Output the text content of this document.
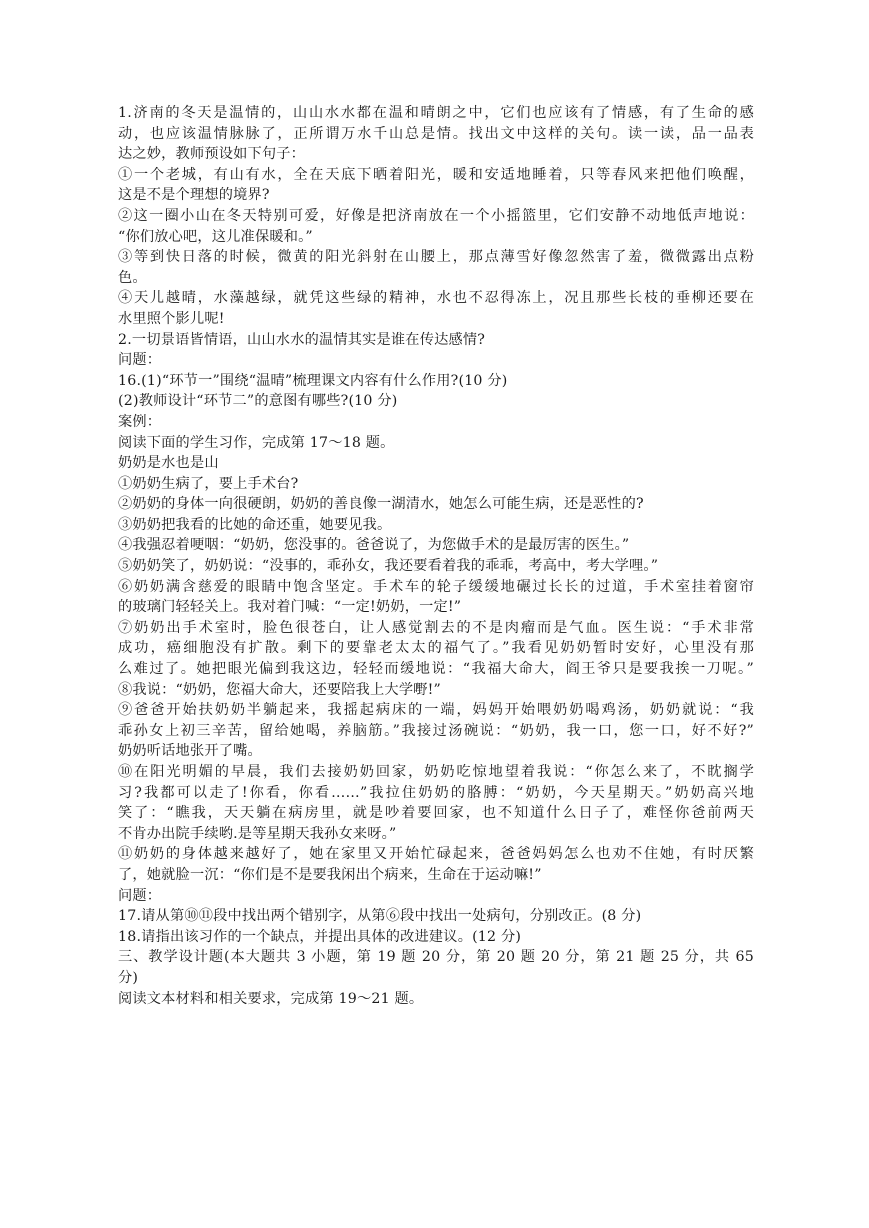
1.济南的冬天是温情的，山山水水都在温和晴朗之中，它们也应该有了情感，有了生命的感
动，也应该温情脉脉了，正所谓万水千山总是情。找出文中这样的关句。读一读，品一品表
达之妙，教师预设如下句子：
①一个老城，有山有水，全在天底下晒着阳光，暖和安适地睡着，只等春风来把他们唤醒，
这是不是个理想的境界?
②这一圈小山在冬天特别可爱，好像是把济南放在一个小摇篮里，它们安静不动地低声地说：
“你们放心吧，这儿准保暖和。”
③等到快日落的时候，微黄的阳光斜射在山腰上，那点薄雪好像忽然害了羞，微微露出点粉
色。
④天儿越晴，水藻越绿，就凭这些绿的精神，水也不忍得冻上，况且那些长枝的垂柳还要在
水里照个影儿呢!
2.一切景语皆情语，山山水水的温情其实是谁在传达感情?
问题：
16.(1)“环节一”围绕“温晴”梳理课文内容有什么作用?(10 分)
(2)教师设计“环节二”的意图有哪些?(10 分)
案例：
阅读下面的学生习作，完成第 17～18 题。
奶奶是水也是山
①奶奶生病了，要上手术台?
②奶奶的身体一向很硬朗，奶奶的善良像一湖清水，她怎么可能生病，还是恶性的?
③奶奶把我看的比她的命还重，她要见我。
④我强忍着哽咽：“奶奶，您没事的。爸爸说了，为您做手术的是最厉害的医生。”
⑤奶奶笑了，奶奶说：“没事的，乖孙女，我还要看着我的乖乖，考高中，考大学哩。”
⑥奶奶满含慈爱的眼睛中饱含坚定。手术车的轮子缓缓地碾过长长的过道，手术室挂着窗帘
的玻璃门轻轻关上。我对着门喊：“一定!奶奶，一定!”
⑦奶奶出手术室时，脸色很苍白，让人感觉割去的不是肉瘤而是气血。医生说：“手术非常
成功，癌细胞没有扩散。剩下的要靠老太太的福气了。”我看见奶奶暂时安好，心里没有那
么难过了。她把眼光偏到我这边，轻轻而缓地说：“我福大命大，阎王爷只是要我挨一刀呢。”
⑧我说：“奶奶，您福大命大，还要陪我上大学嘢!”
⑨爸爸开始扶奶奶半躺起来，我摇起病床的一端，妈妈开始喂奶奶喝鸡汤，奶奶就说：“我
乖孙女上初三辛苦，留给她喝，养脑筋。”我接过汤碗说：“奶奶，我一口，您一口，好不好?”
奶奶听话地张开了嘴。
⑩在阳光明媚的早晨，我们去接奶奶回家，奶奶吃惊地望着我说：“你怎么来了，不眈搁学
习?我都可以走了!你看，你看……”我拉住奶奶的胳膊：“奶奶，今天星期天。”奶奶高兴地
笑了：“瞧我，天天躺在病房里，就是吵着要回家，也不知道什么日子了，难怪你爸前两天
不肯办出院手续哟.是等星期天我孙女来呀。”
⑪奶奶的身体越来越好了，她在家里又开始忙碌起来，爸爸妈妈怎么也劝不住她，有时厌繁
了，她就脸一沉：“你们是不是要我闲出个病来，生命在于运动嘛!”
问题：
17.请从第⑩⑪段中找出两个错别字，从第⑥段中找出一处病句，分别改正。(8 分)
18.请指出该习作的一个缺点，并提出具体的改进建议。(12 分)
三、教学设计题(本大题共 3 小题，第 19 题 20 分，第 20 题 20 分，第 21 题 25 分，共 65
分)
阅读文本材料和相关要求，完成第 19～21 题。
